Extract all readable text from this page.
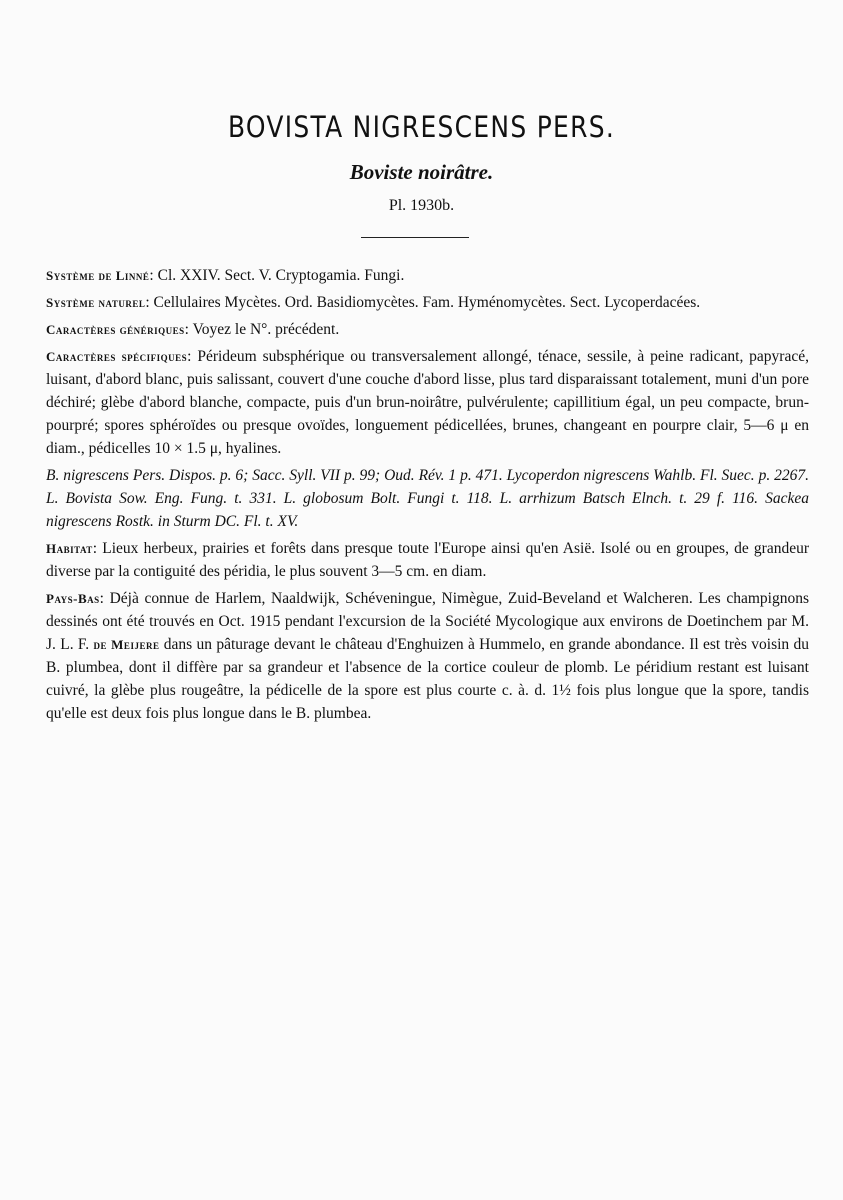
BOVISTA NIGRESCENS PERS.
Boviste noirâtre.
Pl. 1930b.

Système de Linné: Cl. XXIV. Sect. V. Cryptogamia. Fungi.

Système naturel: Cellulaires Mycètes. Ord. Basidiomycètes. Fam. Hyménomycètes. Sect. Lycoperdacées.

Caractères génériques: Voyez le N°. précédent.

Caractères spécifiques: Pérideum subsphérique ou transversalement allongé, ténace, sessile, à peine radicant, papyracé, luisant, d'abord blanc, puis salissant, couvert d'une couche d'abord lisse, plus tard disparaissant totalement, muni d'un pore déchiré; glèbe d'abord blanche, compacte, puis d'un brun-noirâtre, pulvérulente; capillitium égal, un peu compacte, brun-pourpré; spores sphéroïdes ou presque ovoïdes, longuement pédicellées, brunes, changeant en pourpre clair, 5—6 μ en diam., pédicelles 10 × 1.5 μ, hyalines.

B. nigrescens Pers. Dispos. p. 6; Sacc. Syll. VII p. 99; Oud. Rév. 1 p. 471. Lycoperdon nigrescens Wahlb. Fl. Suec. p. 2267. L. Bovista Sow. Eng. Fung. t. 331. L. globosum Bolt. Fungi t. 118. L. arrhizum Batsch Elnch. t. 29 f. 116. Sackea nigrescens Rostk. in Sturm DC. Fl. t. XV.

Habitat: Lieux herbeux, prairies et forêts dans presque toute l'Europe ainsi qu'en Asië. Isolé ou en groupes, de grandeur diverse par la contiguité des péridia, le plus souvent 3—5 cm. en diam.

Pays-Bas: Déjà connue de Harlem, Naaldwijk, Schéveningue, Nimègue, Zuid-Beveland et Walcheren. Les champignons dessinés ont été trouvés en Oct. 1915 pendant l'excursion de la Société Mycologique aux environs de Doetinchem par M. J. L. F. de Meijere dans un pâturage devant le château d'Enghuizen à Hummelo, en grande abondance. Il est très voisin du B. plumbea, dont il diffère par sa grandeur et l'absence de la cortice couleur de plomb. Le péridium restant est luisant cuivré, la glèbe plus rougeâtre, la pédicelle de la spore est plus courte c. à. d. 1½ fois plus longue que la spore, tandis qu'elle est deux fois plus longue dans le B. plumbea.
